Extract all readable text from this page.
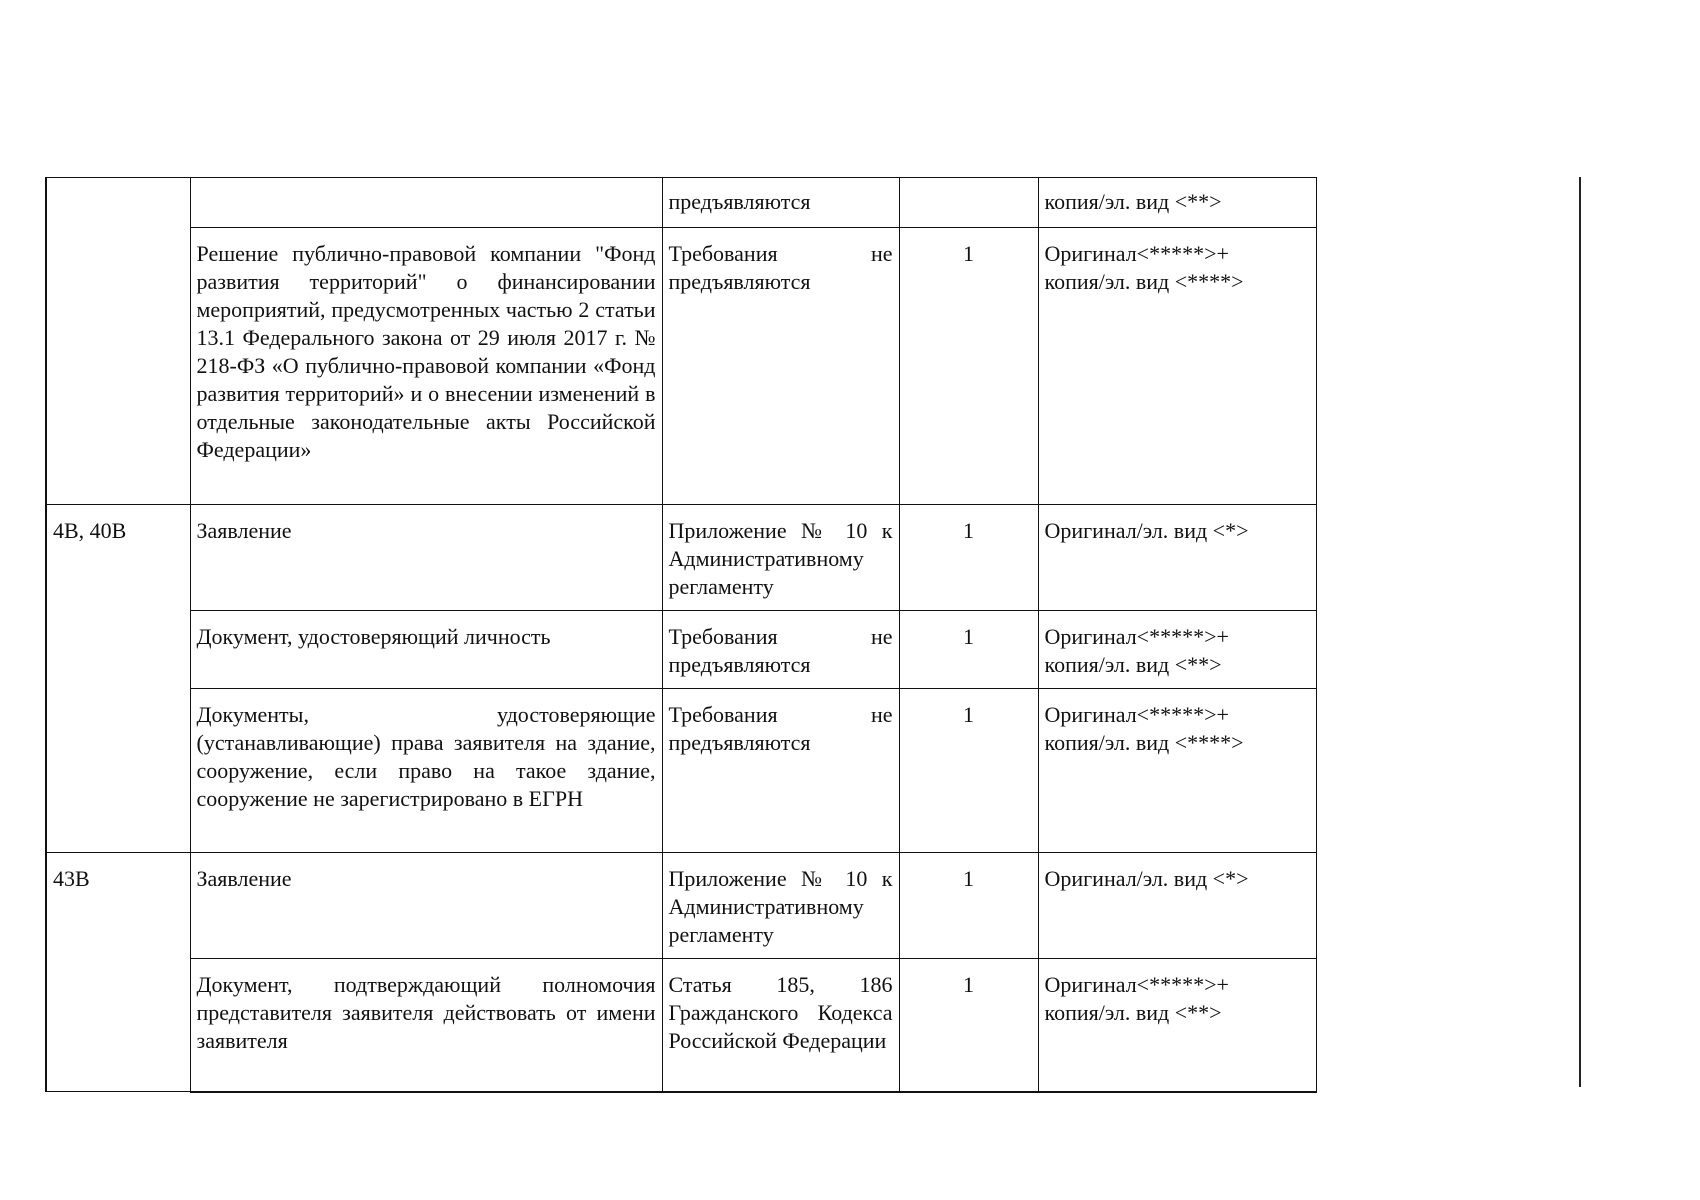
		предъявляются		копия/эл. вид <**>
	Решение публично-правовой компании "Фонд развития территорий" о финансировании мероприятий, предусмотренных частью 2 статьи 13.1 Федерального закона от 29 июля 2017 г. № 218-ФЗ «О публично-правовой компании «Фонд развития территорий» и о внесении изменений в отдельные законодательные акты Российской Федерации»	Требования не предъявляются	1	Оригинал<*****>+
копия/эл. вид <****>

4В, 40В	Заявление	Приложение № 10 к Административному регламенту	1	Оригинал/эл. вид <*>
	Документ, удостоверяющий личность	Требования не предъявляются	1	Оригинал<*****>+
копия/эл. вид <**>

	Документы, удостоверяющие (устанавливающие) права заявителя на здание, сооружение, если право на такое здание, сооружение не зарегистрировано в ЕГРН	Требования не предъявляются	1	Оригинал<*****>+
копия/эл. вид <****>

43В	Заявление	Приложение № 10 к Административному регламенту	1	Оригинал/эл. вид <*>
	Документ, подтверждающий полномочия представителя заявителя действовать от имени заявителя	Статья 185, 186 Гражданского Кодекса Российской Федерации	1	Оригинал<*****>+
копия/эл. вид <**>
